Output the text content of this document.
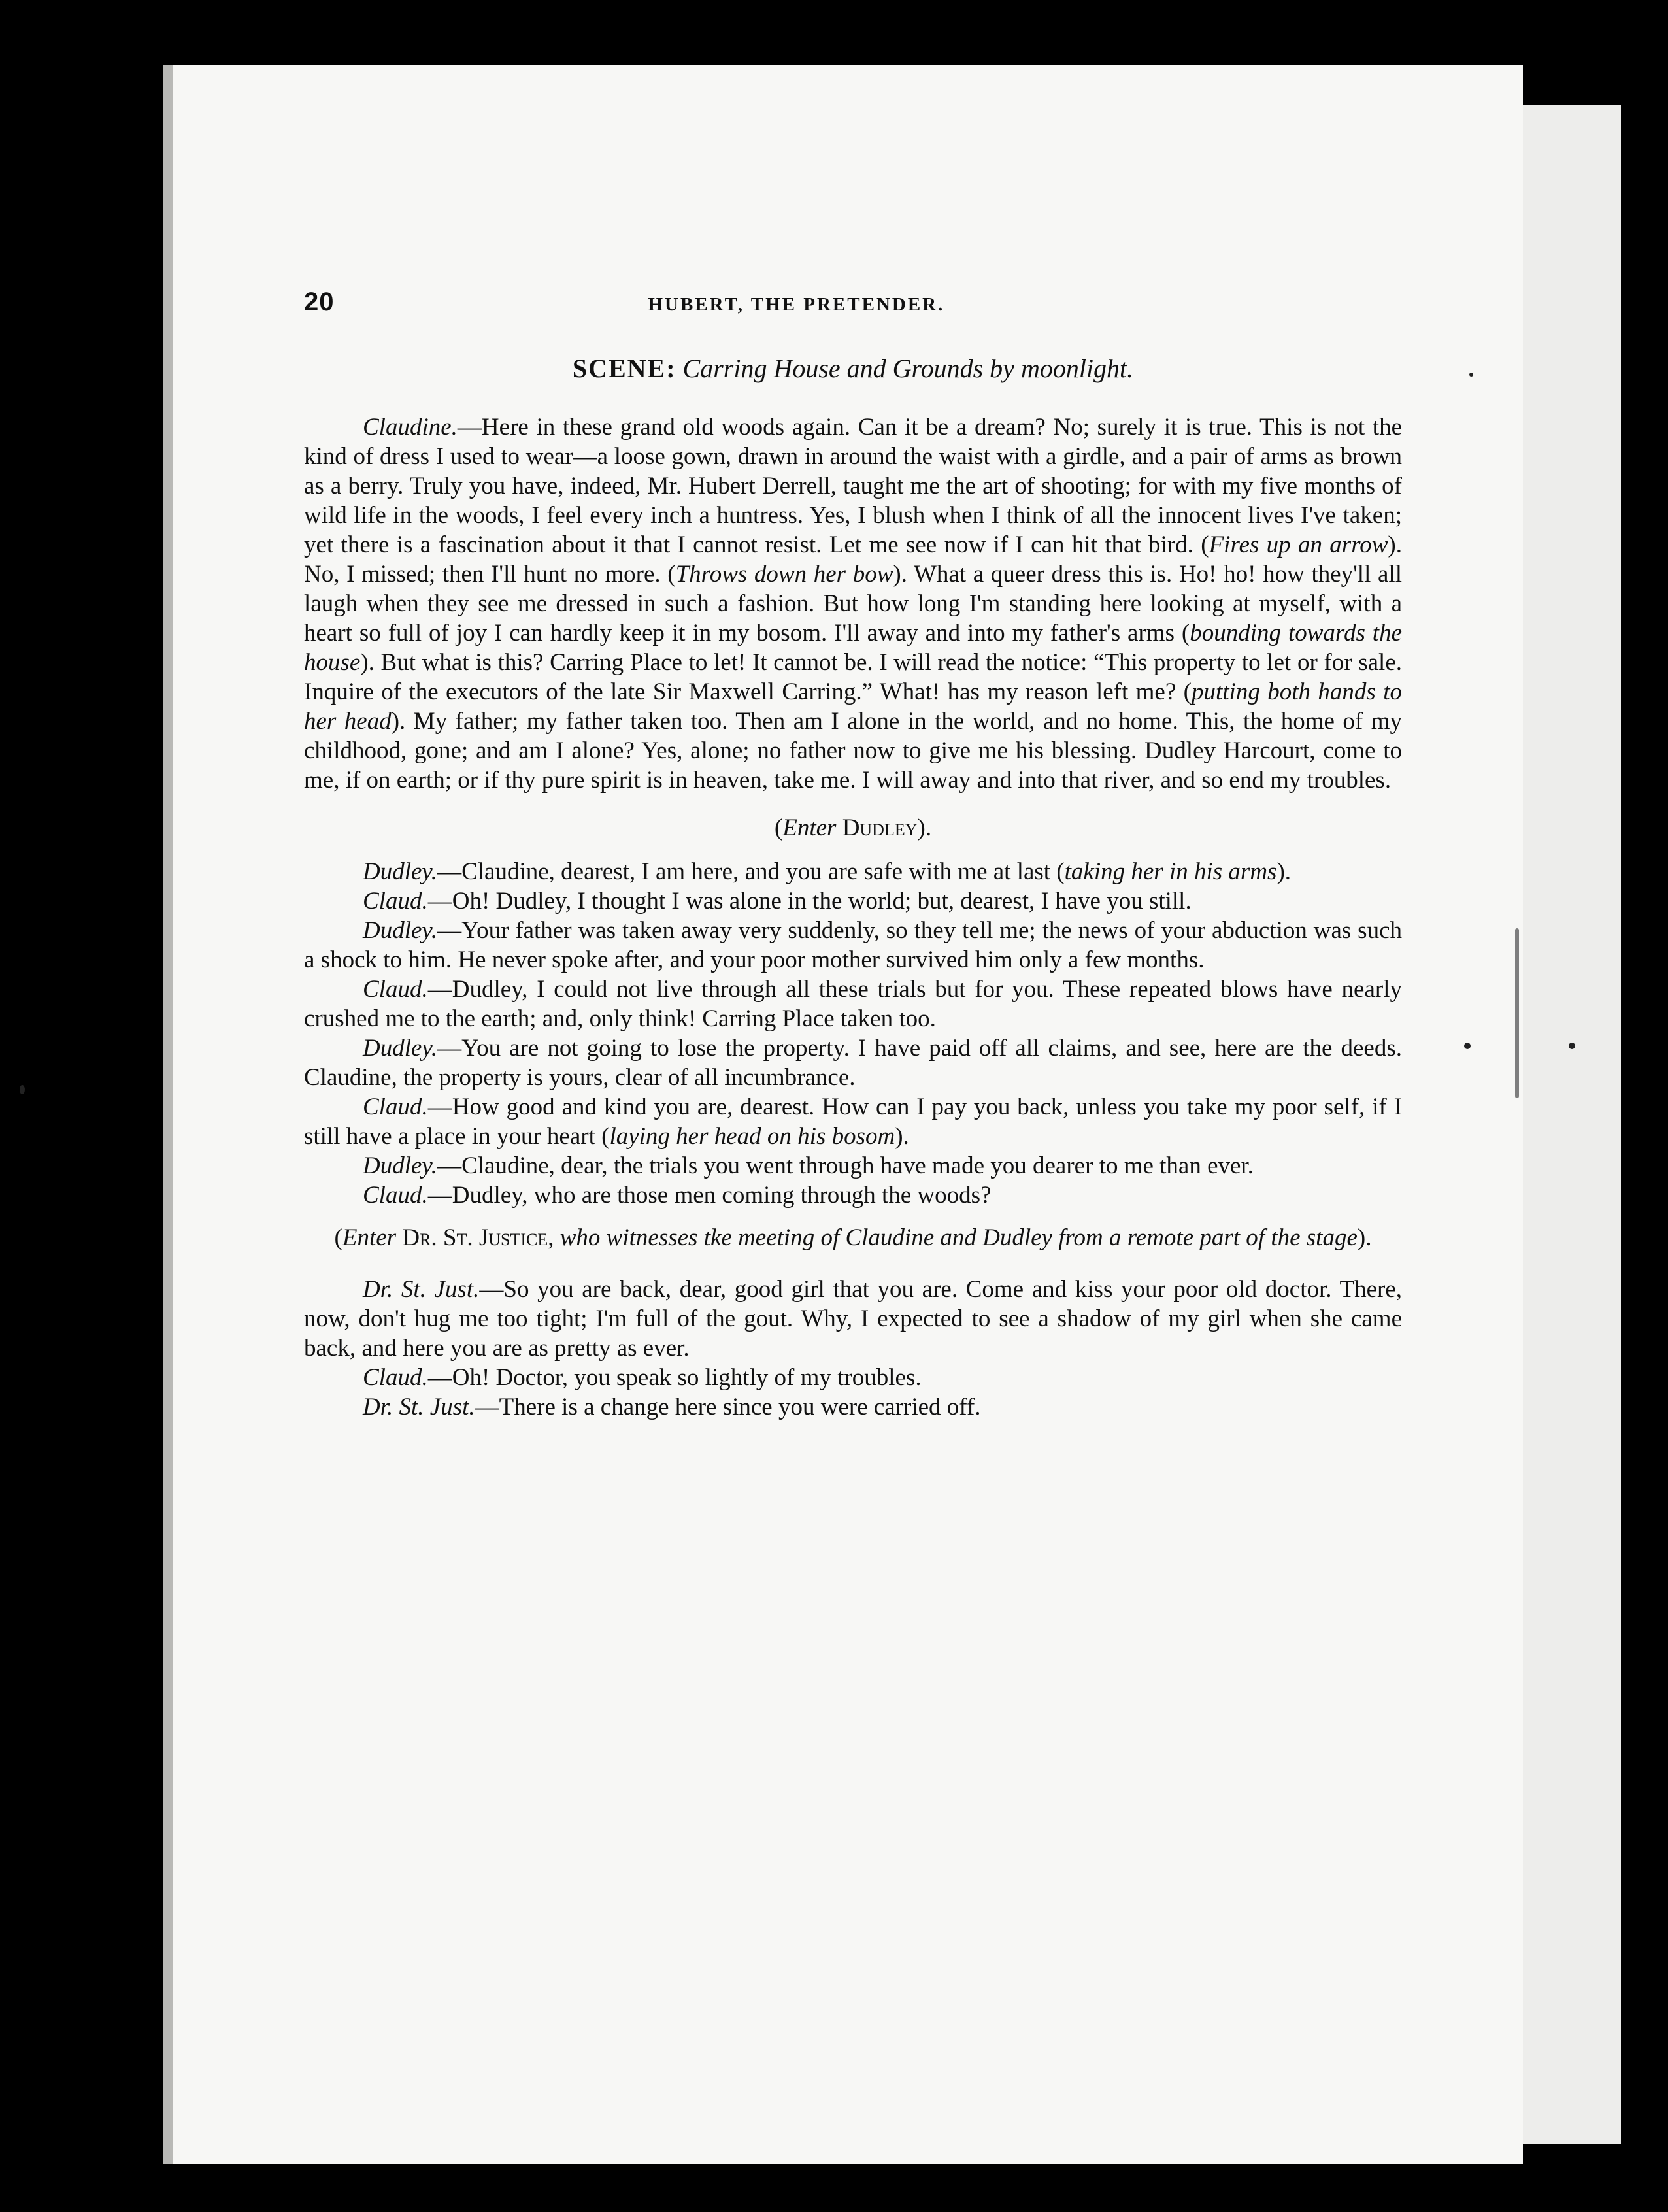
20	HUBERT, THE PRETENDER.
SCENE: Carring House and Grounds by moonlight.

Claudine.—Here in these grand old woods again. Can it be a dream? No; surely it is true. This is not the kind of dress I used to wear—a loose gown, drawn in around the waist with a girdle, and a pair of arms as brown as a berry. Truly you have, indeed, Mr. Hubert Derrell, taught me the art of shooting; for with my five months of wild life in the woods, I feel every inch a huntress. Yes, I blush when I think of all the innocent lives I've taken; yet there is a fascination about it that I cannot resist. Let me see now if I can hit that bird. (Fires up an arrow). No, I missed; then I'll hunt no more. (Throws down her bow). What a queer dress this is. Ho! ho! how they'll all laugh when they see me dressed in such a fashion. But how long I'm standing here looking at myself, with a heart so full of joy I can hardly keep it in my bosom. I'll away and into my father's arms (bounding towards the house). But what is this? Carring Place to let! It cannot be. I will read the notice: “This property to let or for sale. Inquire of the executors of the late Sir Maxwell Carring.” What! has my reason left me? (putting both hands to her head). My father; my father taken too. Then am I alone in the world, and no home. This, the home of my childhood, gone; and am I alone? Yes, alone; no father now to give me his blessing. Dudley Harcourt, come to me, if on earth; or if thy pure spirit is in heaven, take me. I will away and into that river, and so end my troubles.

(Enter Dudley).

Dudley.—Claudine, dearest, I am here, and you are safe with me at last (taking her in his arms).

Claud.—Oh! Dudley, I thought I was alone in the world; but, dearest, I have you still.

Dudley.—Your father was taken away very suddenly, so they tell me; the news of your abduction was such a shock to him. He never spoke after, and your poor mother survived him only a few months.

Claud.—Dudley, I could not live through all these trials but for you. These repeated blows have nearly crushed me to the earth; and, only think! Carring Place taken too.

Dudley.—You are not going to lose the property. I have paid off all claims, and see, here are the deeds. Claudine, the property is yours, clear of all incumbrance.

Claud.—How good and kind you are, dearest. How can I pay you back, unless you take my poor self, if I still have a place in your heart (laying her head on his bosom).

Dudley.—Claudine, dear, the trials you went through have made you dearer to me than ever.

Claud.—Dudley, who are those men coming through the woods?

(Enter Dr. St. Justice, who witnesses tke meeting of Claudine and Dudley from a remote part of the stage).

Dr. St. Just.—So you are back, dear, good girl that you are. Come and kiss your poor old doctor. There, now, don't hug me too tight; I'm full of the gout. Why, I expected to see a shadow of my girl when she came back, and here you are as pretty as ever.

Claud.—Oh! Doctor, you speak so lightly of my troubles.

Dr. St. Just.—There is a change here since you were carried off.
